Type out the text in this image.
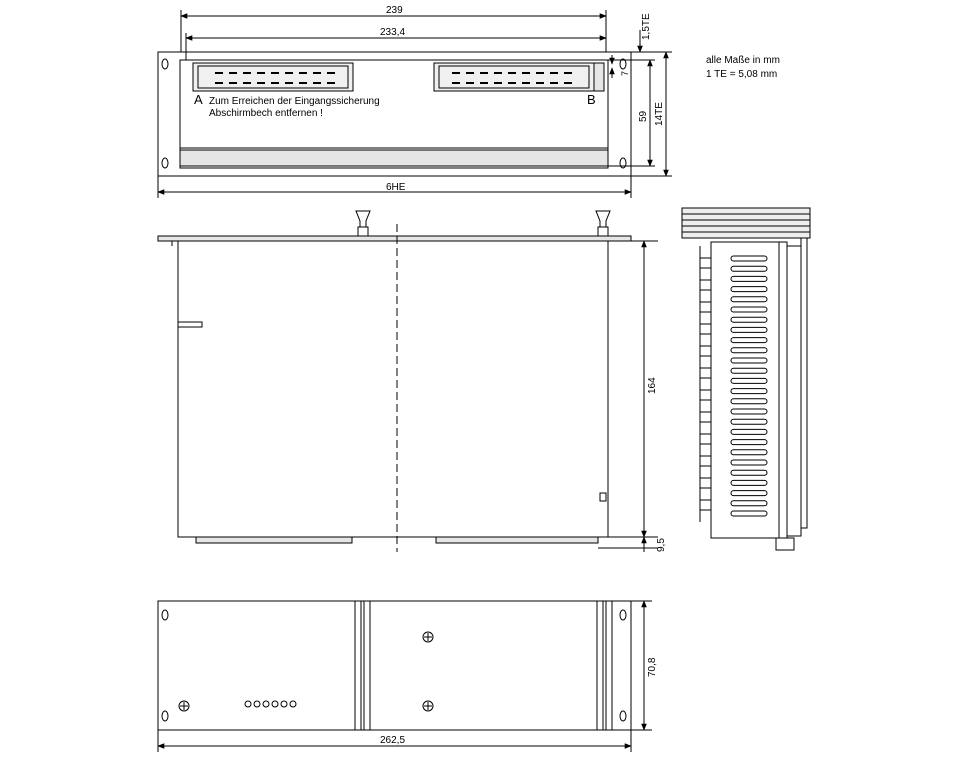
A	B
Zum Erreichen der Eingangssicherung
Abschirmbech entfernen !
alle Maße in mm
1 TE = 5,08 mm
239
233,4
6HE
1,5TE
7
59 14TE
164
9,5
70,8
262,5
